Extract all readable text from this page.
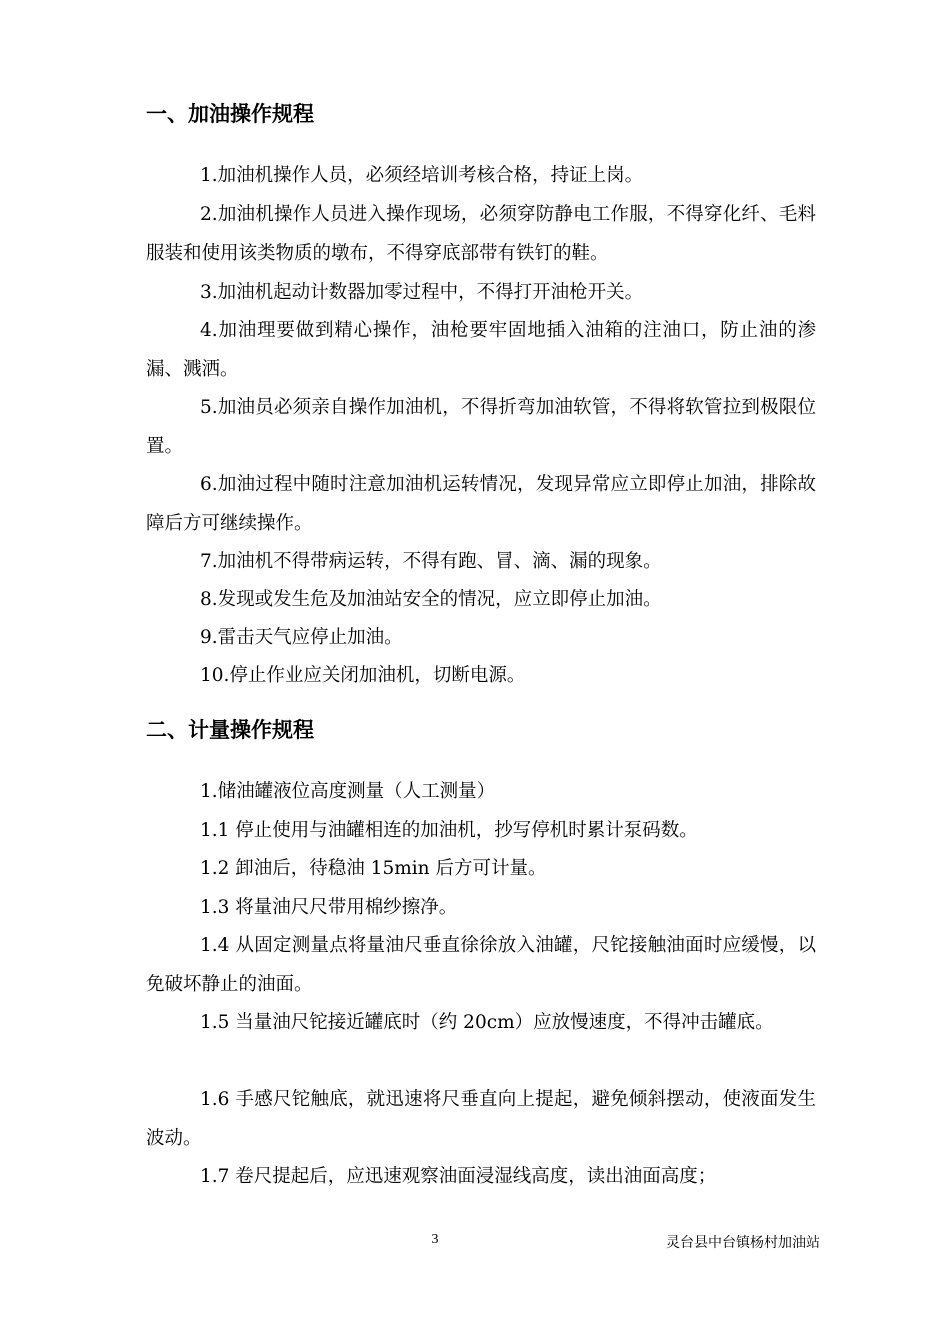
一、加油操作规程

1.加油机操作人员，必须经培训考核合格，持证上岗。

2.加油机操作人员进入操作现场，必须穿防静电工作服，不得穿化纤、毛料服装和使用该类物质的墩布，不得穿底部带有铁钉的鞋。

3.加油机起动计数器加零过程中，不得打开油枪开关。

4.加油理要做到精心操作，油枪要牢固地插入油箱的注油口，防止油的渗漏、溅洒。

5.加油员必须亲自操作加油机，不得折弯加油软管，不得将软管拉到极限位置。

6.加油过程中随时注意加油机运转情况，发现异常应立即停止加油，排除故障后方可继续操作。

7.加油机不得带病运转，不得有跑、冒、滴、漏的现象。

8.发现或发生危及加油站安全的情况，应立即停止加油。

9.雷击天气应停止加油。

10.停止作业应关闭加油机，切断电源。

二、计量操作规程

1.储油罐液位高度测量（人工测量）

1.1 停止使用与油罐相连的加油机，抄写停机时累计泵码数。

1.2 卸油后，待稳油 15min 后方可计量。

1.3 将量油尺尺带用棉纱擦净。

1.4 从固定测量点将量油尺垂直徐徐放入油罐，尺铊接触油面时应缓慢，以免破坏静止的油面。

1.5 当量油尺铊接近罐底时（约 20cm）应放慢速度，不得冲击罐底。

1.6 手感尺铊触底，就迅速将尺垂直向上提起，避免倾斜摆动，使液面发生波动。

1.7 卷尺提起后，应迅速观察油面浸湿线高度，读出油面高度；

3	灵台县中台镇杨村加油站
